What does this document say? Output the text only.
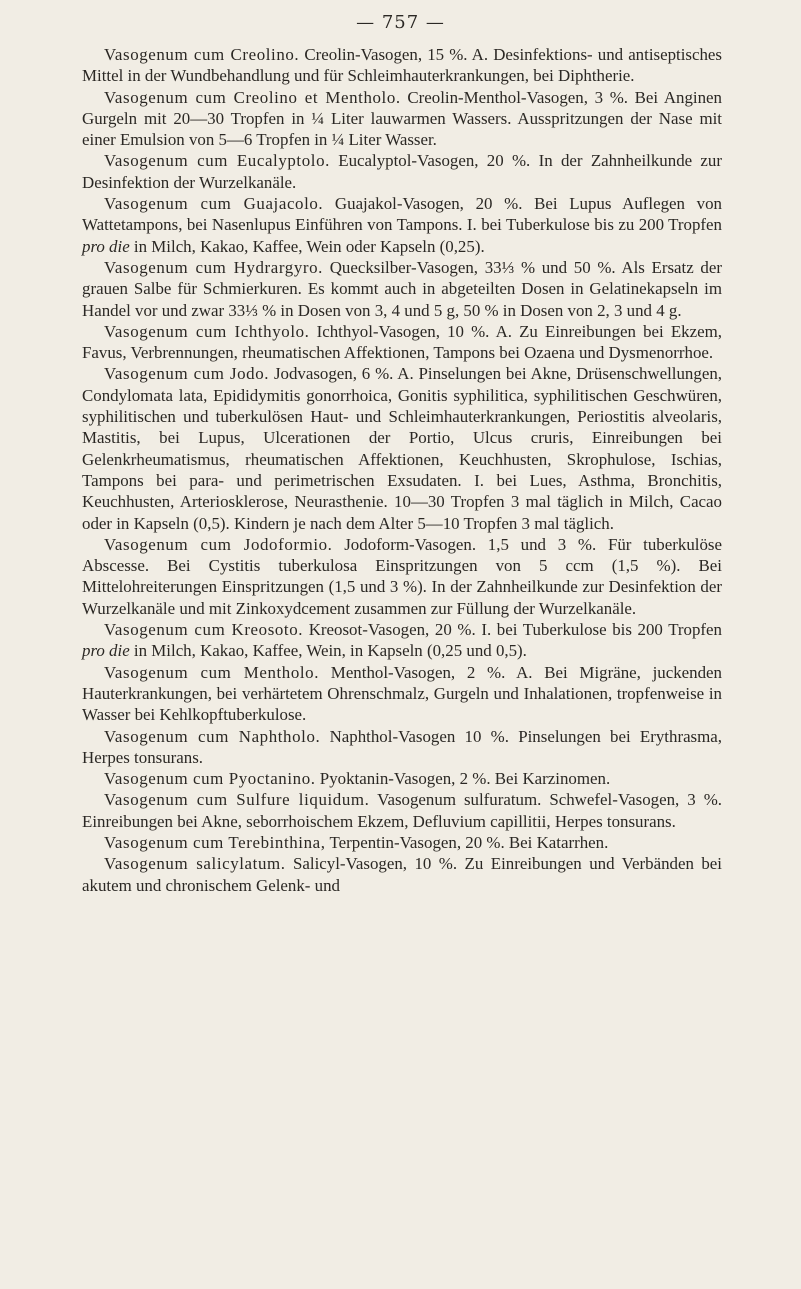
— 757 —

Vasogenum cum Creolino. Creolin-Vasogen, 15 %. A. Desinfektions- und antiseptisches Mittel in der Wundbehandlung und für Schleimhauterkrankungen, bei Diphtherie.

Vasogenum cum Creolino et Mentholo. Creolin-Menthol-Vasogen, 3 %. Bei Anginen Gurgeln mit 20—30 Tropfen in ¼ Liter lauwarmen Wassers. Ausspritzungen der Nase mit einer Emulsion von 5—6 Tropfen in ¼ Liter Wasser.

Vasogenum cum Eucalyptolo. Eucalyptol-Vasogen, 20 %. In der Zahnheilkunde zur Desinfektion der Wurzelkanäle.

Vasogenum cum Guajacolo. Guajakol-Vasogen, 20 %. Bei Lupus Auflegen von Wattetampons, bei Nasenlupus Einführen von Tampons. I. bei Tuberkulose bis zu 200 Tropfen pro die in Milch, Kakao, Kaffee, Wein oder Kapseln (0,25).

Vasogenum cum Hydrargyro. Quecksilber-Vasogen, 33⅓ % und 50 %. Als Ersatz der grauen Salbe für Schmierkuren. Es kommt auch in abgeteilten Dosen in Gelatinekapseln im Handel vor und zwar 33⅓ % in Dosen von 3, 4 und 5 g, 50 % in Dosen von 2, 3 und 4 g.

Vasogenum cum Ichthyolo. Ichthyol-Vasogen, 10 %. A. Zu Einreibungen bei Ekzem, Favus, Verbrennungen, rheumatischen Affektionen, Tampons bei Ozaena und Dysmenorrhoe.

Vasogenum cum Jodo. Jodvasogen, 6 %. A. Pinselungen bei Akne, Drüsenschwellungen, Condylomata lata, Epididymitis gonorrhoica, Gonitis syphilitica, syphilitischen Geschwüren, syphilitischen und tuberkulösen Haut- und Schleimhauterkrankungen, Periostitis alveolaris, Mastitis, bei Lupus, Ulcerationen der Portio, Ulcus cruris, Einreibungen bei Gelenkrheumatismus, rheumatischen Affektionen, Keuchhusten, Skrophulose, Ischias, Tampons bei para- und perimetrischen Exsudaten. I. bei Lues, Asthma, Bronchitis, Keuchhusten, Arteriosklerose, Neurasthenie. 10—30 Tropfen 3 mal täglich in Milch, Cacao oder in Kapseln (0,5). Kindern je nach dem Alter 5—10 Tropfen 3 mal täglich.

Vasogenum cum Jodoformio. Jodoform-Vasogen. 1,5 und 3 %. Für tuberkulöse Abscesse. Bei Cystitis tuberkulosa Einspritzungen von 5 ccm (1,5 %). Bei Mittelohreiterungen Einspritzungen (1,5 und 3 %). In der Zahnheilkunde zur Desinfektion der Wurzelkanäle und mit Zinkoxydcement zusammen zur Füllung der Wurzelkanäle.

Vasogenum cum Kreosoto. Kreosot-Vasogen, 20 %. I. bei Tuberkulose bis 200 Tropfen pro die in Milch, Kakao, Kaffee, Wein, in Kapseln (0,25 und 0,5).

Vasogenum cum Mentholo. Menthol-Vasogen, 2 %. A. Bei Migräne, juckenden Hauterkrankungen, bei verhärtetem Ohrenschmalz, Gurgeln und Inhalationen, tropfenweise in Wasser bei Kehlkopftuberkulose.

Vasogenum cum Naphtholo. Naphthol-Vasogen 10 %. Pinselungen bei Erythrasma, Herpes tonsurans.

Vasogenum cum Pyoctanino. Pyoktanin-Vasogen, 2 %. Bei Karzinomen.

Vasogenum cum Sulfure liquidum. Vasogenum sulfuratum. Schwefel-Vasogen, 3 %. Einreibungen bei Akne, seborrhoischem Ekzem, Defluvium capillitii, Herpes tonsurans.

Vasogenum cum Terebinthina, Terpentin-Vasogen, 20 %. Bei Katarrhen.

Vasogenum salicylatum. Salicyl-Vasogen, 10 %. Zu Einreibungen und Verbänden bei akutem und chronischem Gelenk- und
